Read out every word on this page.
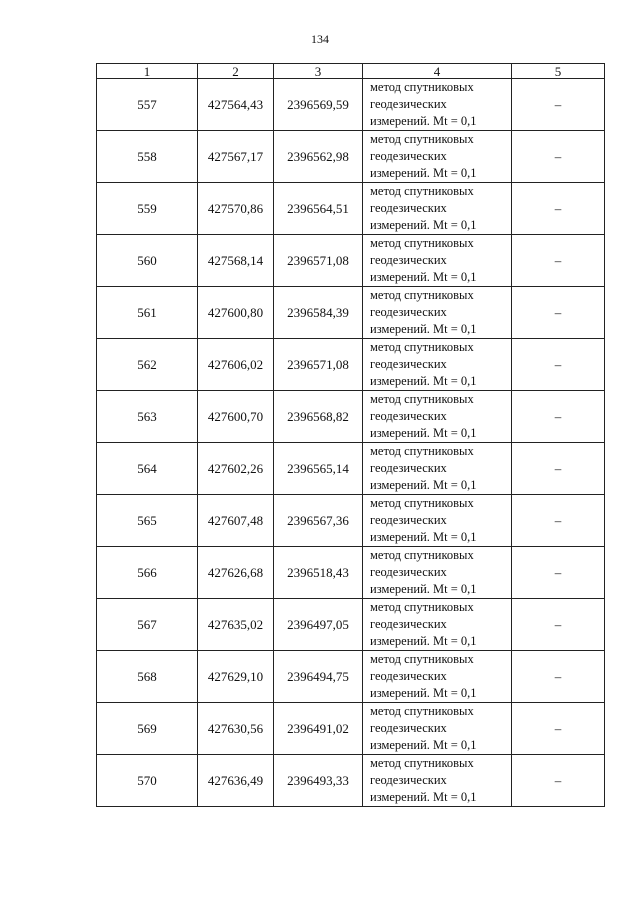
134
1	2	3	4	5
557	427564,43	2396569,59	метод спутниковых
геодезических
измерений. Mt = 0,1	–
558	427567,17	2396562,98	метод спутниковых
геодезических
измерений. Mt = 0,1	–
559	427570,86	2396564,51	метод спутниковых
геодезических
измерений. Mt = 0,1	–
560	427568,14	2396571,08	метод спутниковых
геодезических
измерений. Mt = 0,1	–
561	427600,80	2396584,39	метод спутниковых
геодезических
измерений. Mt = 0,1	–
562	427606,02	2396571,08	метод спутниковых
геодезических
измерений. Mt = 0,1	–
563	427600,70	2396568,82	метод спутниковых
геодезических
измерений. Mt = 0,1	–
564	427602,26	2396565,14	метод спутниковых
геодезических
измерений. Mt = 0,1	–
565	427607,48	2396567,36	метод спутниковых
геодезических
измерений. Mt = 0,1	–
566	427626,68	2396518,43	метод спутниковых
геодезических
измерений. Mt = 0,1	–
567	427635,02	2396497,05	метод спутниковых
геодезических
измерений. Mt = 0,1	–
568	427629,10	2396494,75	метод спутниковых
геодезических
измерений. Mt = 0,1	–
569	427630,56	2396491,02	метод спутниковых
геодезических
измерений. Mt = 0,1	–
570	427636,49	2396493,33	метод спутниковых
геодезических
измерений. Mt = 0,1	–
